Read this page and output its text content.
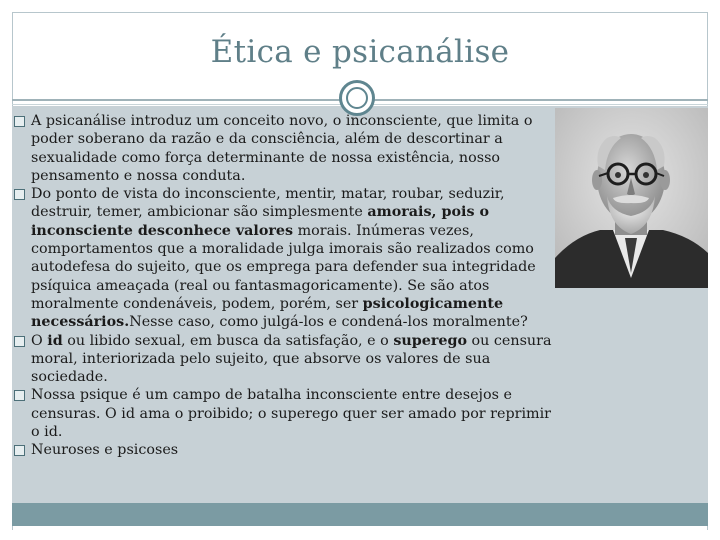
Ética e psicanálise

A psicanálise introduz um conceito novo, o inconsciente, que limita o poder soberano da razão e da consciência, além de descortinar a sexualidade como força determinante de nossa existência, nosso pensamento e nossa conduta.

Do ponto de vista do inconsciente, mentir, matar, roubar, seduzir, destruir, temer, ambicionar são simplesmente amorais, pois o inconsciente desconhece valores morais. Inúmeras vezes, comportamentos que a moralidade julga imorais são realizados como autodefesa do sujeito, que os emprega para defender sua integridade psíquica ameaçada (real ou fantasmagoricamente). Se são atos moralmente condenáveis, podem, porém, ser psicologicamente necessários.Nesse caso, como julgá-los e condená-los moralmente?

O id ou libido sexual, em busca da satisfação, e o superego ou censura moral, interiorizada pelo sujeito, que absorve os valores de sua sociedade.

Nossa psique é um campo de batalha inconsciente entre desejos e censuras. O id ama o proibido; o superego quer ser amado por reprimir o id.

Neuroses e psicoses
